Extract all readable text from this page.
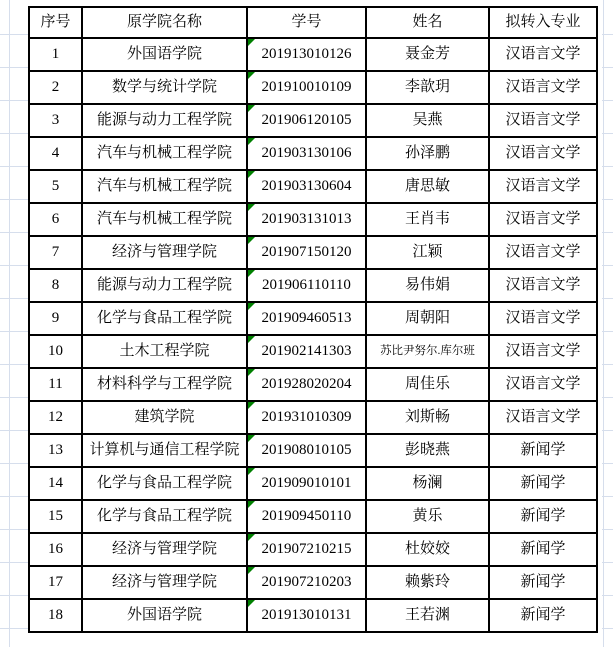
序号	原学院名称	学号	姓名	拟转入专业
1	外国语学院	201913010126	聂金芳	汉语言文学
2	数学与统计学院	201910010109	李歆玥	汉语言文学
3	能源与动力工程学院	201906120105	吴燕	汉语言文学
4	汽车与机械工程学院	201903130106	孙泽鹏	汉语言文学
5	汽车与机械工程学院	201903130604	唐思敏	汉语言文学
6	汽车与机械工程学院	201903131013	王肖韦	汉语言文学
7	经济与管理学院	201907150120	江颖	汉语言文学
8	能源与动力工程学院	201906110110	易伟娟	汉语言文学
9	化学与食品工程学院	201909460513	周朝阳	汉语言文学
10	土木工程学院	201902141303	苏比尹努尔.库尔班	汉语言文学
11	材料科学与工程学院	201928020204	周佳乐	汉语言文学
12	建筑学院	201931010309	刘斯畅	汉语言文学
13	计算机与通信工程学院	201908010105	彭晓燕	新闻学
14	化学与食品工程学院	201909010101	杨澜	新闻学
15	化学与食品工程学院	201909450110	黄乐	新闻学
16	经济与管理学院	201907210215	杜姣姣	新闻学
17	经济与管理学院	201907210203	赖紫玲	新闻学
18	外国语学院	201913010131	王若渊	新闻学
